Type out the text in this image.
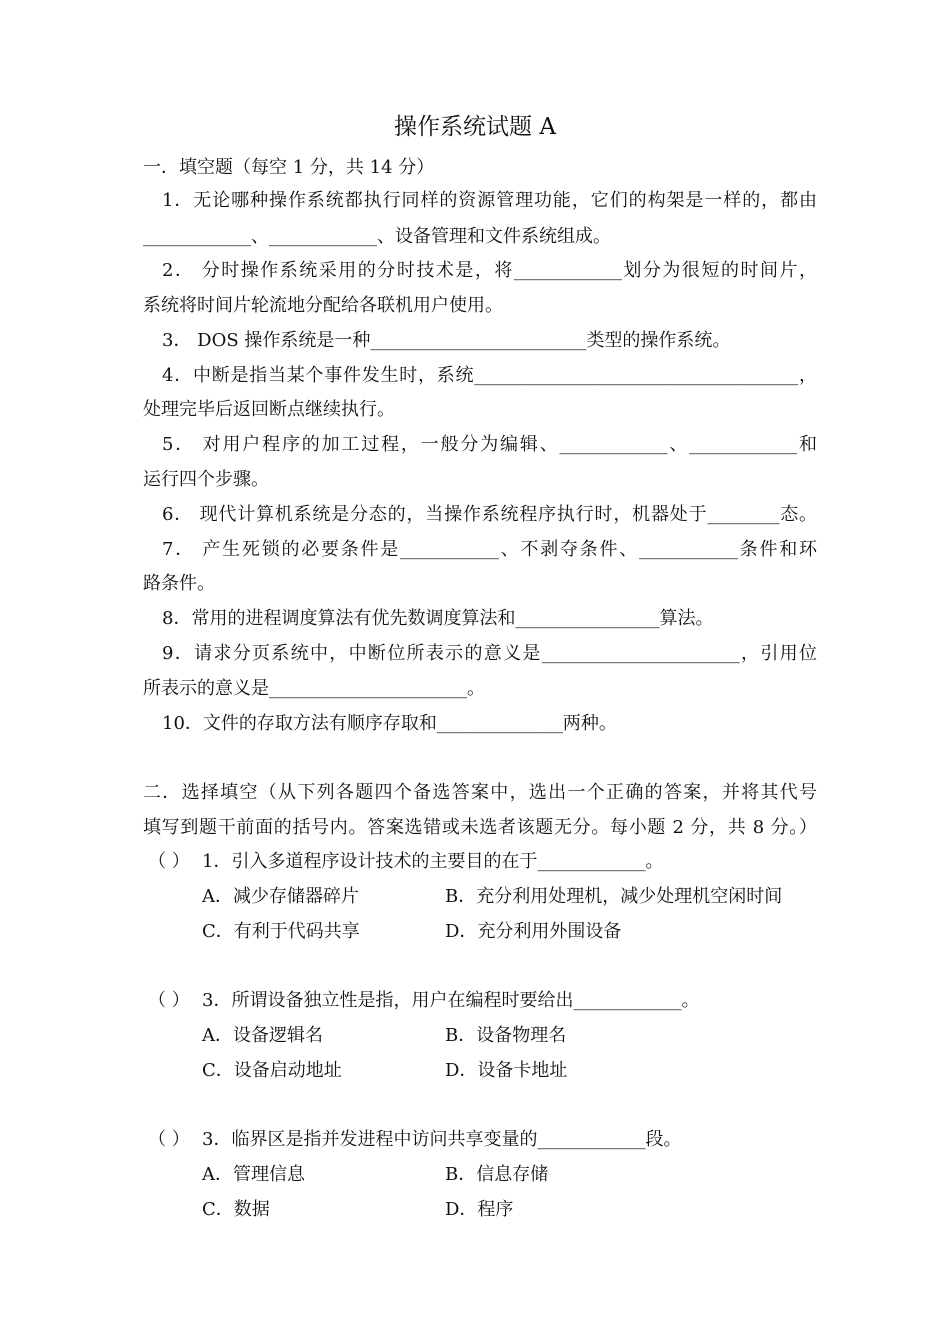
操作系统试题 A
一．填空题（每空 1 分，共 14 分）
1．无论哪种操作系统都执行同样的资源管理功能，它们的构架是一样的，都由
____________、____________、设备管理和文件系统组成。
2． 分时操作系统采用的分时技术是，将____________划分为很短的时间片，
系统将时间片轮流地分配给各联机用户使用。
3． DOS 操作系统是一种________________________类型的操作系统。
4．中断是指当某个事件发生时，系统____________________________________，
处理完毕后返回断点继续执行。
5． 对用户程序的加工过程，一般分为编辑、____________、____________和
运行四个步骤。
6． 现代计算机系统是分态的，当操作系统程序执行时，机器处于________态。
7． 产生死锁的必要条件是___________、不剥夺条件、___________条件和环
路条件。
8．常用的进程调度算法有优先数调度算法和________________算法。
9．请求分页系统中，中断位所表示的意义是______________________，引用位
所表示的意义是______________________。
10．文件的存取方法有顺序存取和______________两种。
二．选择填空（从下列各题四个备选答案中，选出一个正确的答案，并将其代号
填写到题干前面的括号内。答案选错或未选者该题无分。每小题 2 分，共 8 分。）
（ ） 1．引入多道程序设计技术的主要目的在于____________。
A．减少存储器碎片	B．充分利用处理机，减少处理机空闲时间
C．有利于代码共享	D．充分利用外围设备
（ ） 3．所谓设备独立性是指，用户在编程时要给出____________。
A．设备逻辑名	B．设备物理名
C．设备启动地址	D．设备卡地址
（ ） 3．临界区是指并发进程中访问共享变量的____________段。
A．管理信息	B．信息存储
C．数据	D．程序
